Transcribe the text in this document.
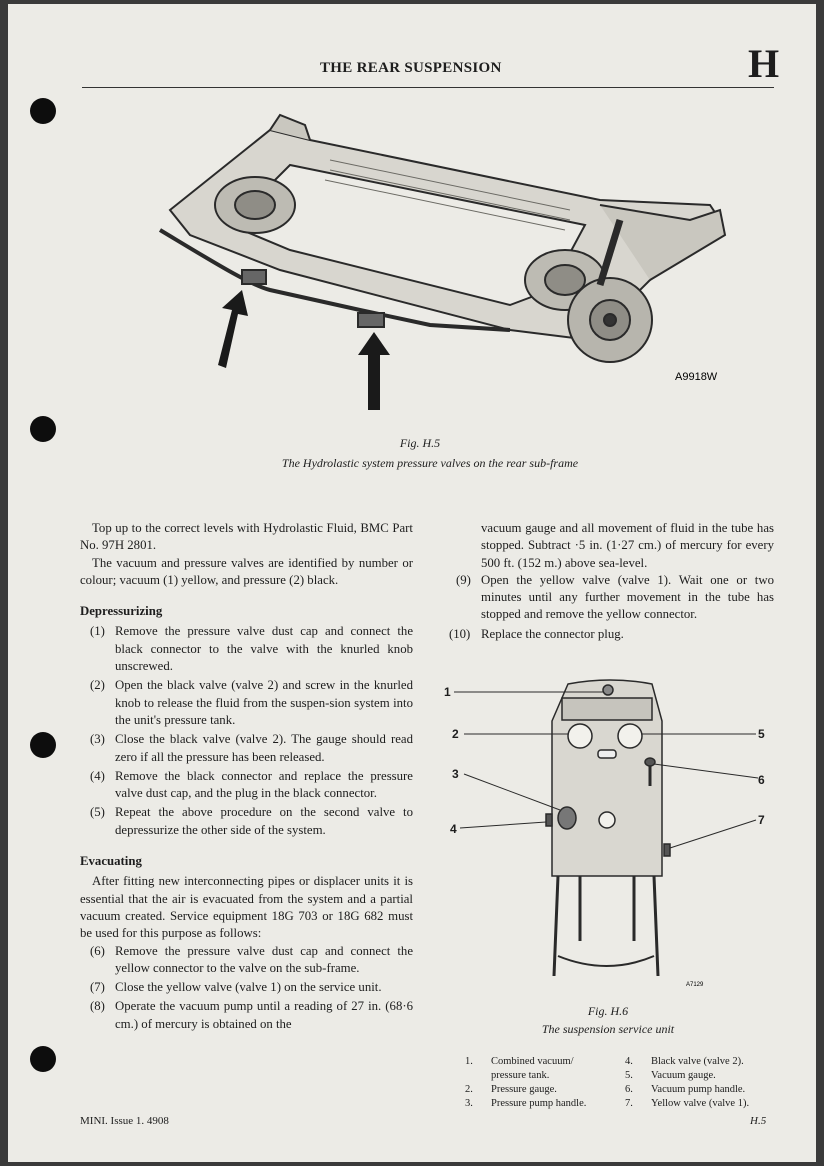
THE REAR SUSPENSION	H
A9918W
Fig. H.5
The Hydrolastic system pressure valves on the rear sub-frame

Top up to the correct levels with Hydrolastic Fluid, BMC Part No. 97H 2801.

The vacuum and pressure valves are identified by number or colour; vacuum (1) yellow, and pressure (2) black.

Depressurizing

(1) Remove the pressure valve dust cap and connect the black connector to the valve with the knurled knob unscrewed.
(2) Open the black valve (valve 2) and screw in the knurled knob to release the fluid from the suspen-sion system into the unit's pressure tank.
(3) Close the black valve (valve 2). The gauge should read zero if all the pressure has been released.
(4) Remove the black connector and replace the pressure valve dust cap, and the plug in the black connector.
(5) Repeat the above procedure on the second valve to depressurize the other side of the system.

Evacuating

After fitting new interconnecting pipes or displacer units it is essential that the air is evacuated from the system and a partial vacuum created. Service equipment 18G 703 or 18G 682 must be used for this purpose as follows:

(6) Remove the pressure valve dust cap and connect the yellow connector to the valve on the sub-frame.
(7) Close the yellow valve (valve 1) on the service unit.
(8) Operate the vacuum pump until a reading of 27 in. (68·6 cm.) of mercury is obtained on the

vacuum gauge and all movement of fluid in the tube has stopped. Subtract ·5 in. (1·27 cm.) of mercury for every 500 ft. (152 m.) above sea-level.

(9) Open the yellow valve (valve 1). Wait one or two minutes until any further movement in the tube has stopped and remove the yellow connector.
(10) Replace the connector plug.
1
2
3
4
5
6
7
A7129
Fig. H.6
The suspension service unit
1. Combined vacuum/ pressure tank.
2. Pressure gauge.
3. Pressure pump handle.
4. Black valve (valve 2).
5. Vacuum gauge.
6. Vacuum pump handle.
7. Yellow valve (valve 1).
MINI. Issue 1. 4908	H.5
